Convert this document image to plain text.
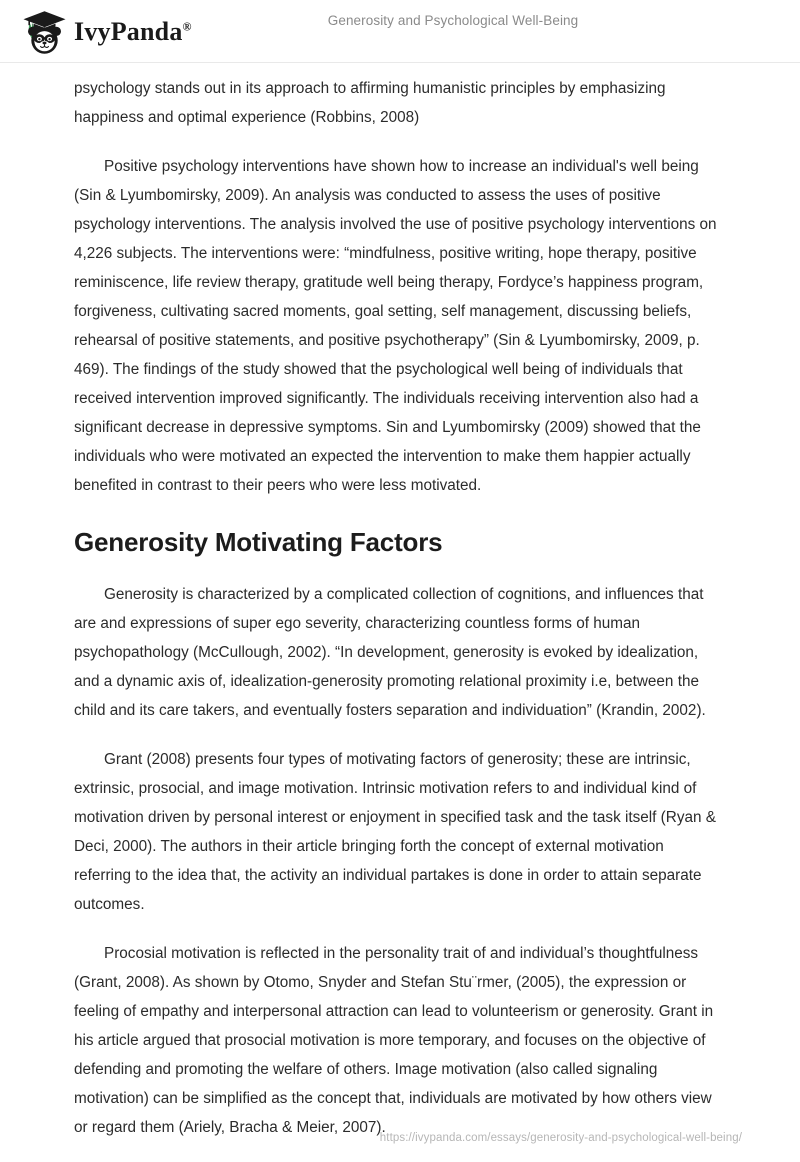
IvyPanda®	Generosity and Psychological Well-Being

psychology stands out in its approach to affirming humanistic principles by emphasizing happiness and optimal experience (Robbins, 2008)

Positive psychology interventions have shown how to increase an individual's well being (Sin & Lyumbomirsky, 2009). An analysis was conducted to assess the uses of positive psychology interventions. The analysis involved the use of positive psychology interventions on 4,226 subjects. The interventions were: “mindfulness, positive writing, hope therapy, positive reminiscence, life review therapy, gratitude well being therapy, Fordyce’s happiness program, forgiveness, cultivating sacred moments, goal setting, self management, discussing beliefs, rehearsal of positive statements, and positive psychotherapy” (Sin & Lyumbomirsky, 2009, p. 469). The findings of the study showed that the psychological well being of individuals that received intervention improved significantly. The individuals receiving intervention also had a significant decrease in depressive symptoms. Sin and Lyumbomirsky (2009) showed that the individuals who were motivated an expected the intervention to make them happier actually benefited in contrast to their peers who were less motivated.

Generosity Motivating Factors

Generosity is characterized by a complicated collection of cognitions, and influences that are and expressions of super ego severity, characterizing countless forms of human psychopathology (McCullough, 2002). “In development, generosity is evoked by idealization, and a dynamic axis of, idealization-generosity promoting relational proximity i.e, between the child and its care takers, and eventually fosters separation and individuation” (Krandin, 2002).

Grant (2008) presents four types of motivating factors of generosity; these are intrinsic, extrinsic, prosocial, and image motivation. Intrinsic motivation refers to and individual kind of motivation driven by personal interest or enjoyment in specified task and the task itself (Ryan & Deci, 2000). The authors in their article bringing forth the concept of external motivation referring to the idea that, the activity an individual partakes is done in order to attain separate outcomes.

Procosial motivation is reflected in the personality trait of and individual’s thoughtfulness (Grant, 2008). As shown by Otomo, Snyder and Stefan Stu¨rmer, (2005), the expression or feeling of empathy and interpersonal attraction can lead to volunteerism or generosity. Grant in his article argued that prosocial motivation is more temporary, and focuses on the objective of defending and promoting the welfare of others. Image motivation (also called signaling motivation) can be simplified as the concept that, individuals are motivated by how others view or regard them (Ariely, Bracha & Meier, 2007).

https://ivypanda.com/essays/generosity-and-psychological-well-being/
